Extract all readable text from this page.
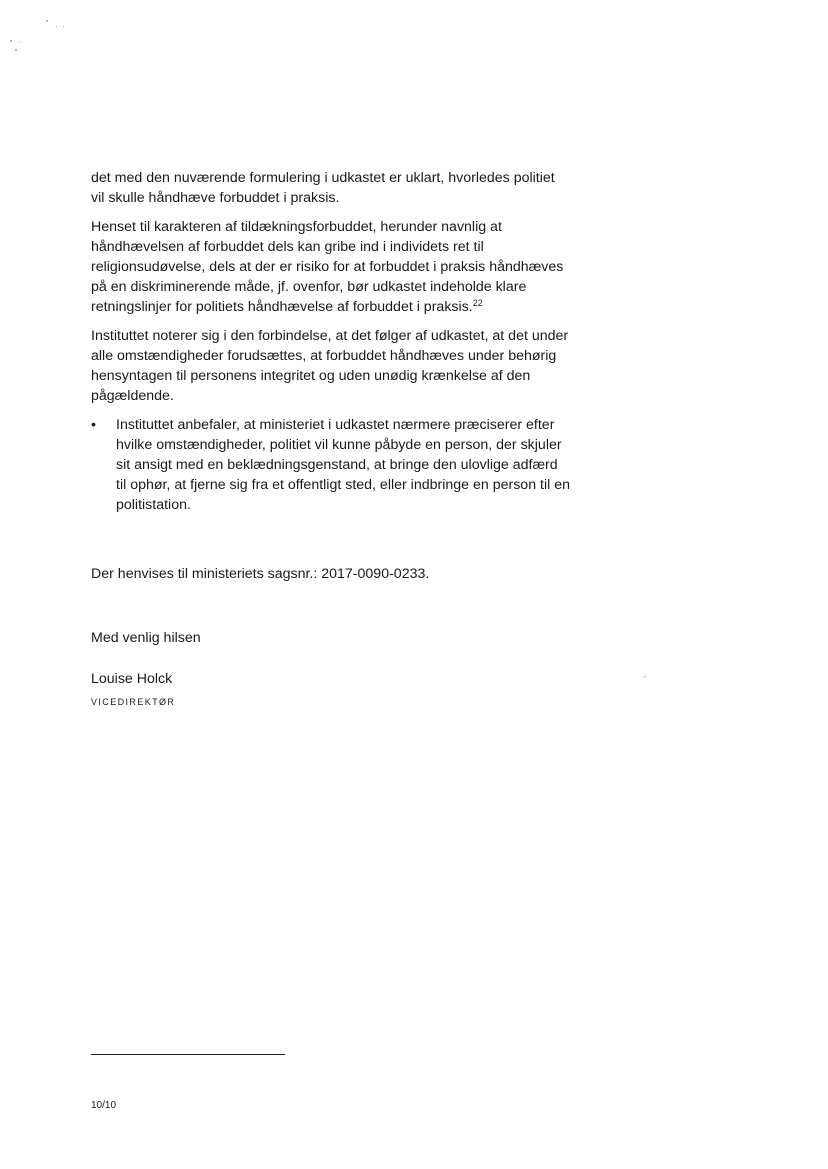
det med den nuværende formulering i udkastet er uklart, hvorledes politiet vil skulle håndhæve forbuddet i praksis.

Henset til karakteren af tildækningsforbuddet, herunder navnlig at håndhævelsen af forbuddet dels kan gribe ind i individets ret til religionsudøvelse, dels at der er risiko for at forbuddet i praksis håndhæves på en diskriminerende måde, jf. ovenfor, bør udkastet indeholde klare retningslinjer for politiets håndhævelse af forbuddet i praksis.$^{22}$

Instituttet noterer sig i den forbindelse, at det følger af udkastet, at det under alle omstændigheder forudsættes, at forbuddet håndhæves under behørig hensyntagen til personens integritet og uden unødig krænkelse af den pågældende.

•	Instituttet anbefaler, at ministeriet i udkastet nærmere præciserer efter hvilke omstændigheder, politiet vil kunne påbyde en person, der skjuler sit ansigt med en beklædningsgenstand, at bringe den ulovlige adfærd til ophør, at fjerne sig fra et offentligt sted, eller indbringe en person til en politistation.
Der henvises til ministeriets sagsnr.: 2017-0090-0233.
Med venlig hilsen
Louise Holck
VICEDIREKTØR
10/10
